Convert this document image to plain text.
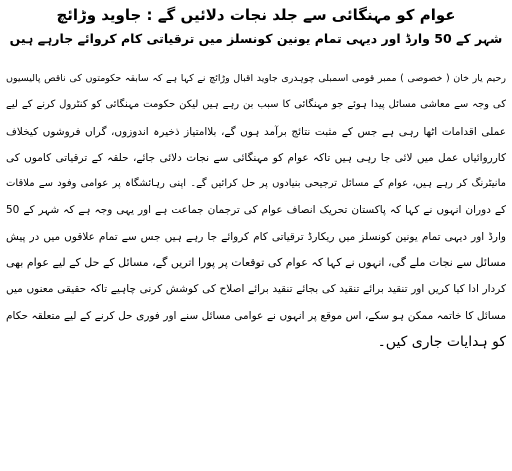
عوام کو مہنگائی سے جلد نجات دلائیں گے : جاوید وڑائچ
شہر کے 50 وارڈ اور دیہی تمام یونین کونسلز میں ترقیاتی کام کروائے جارہے ہیں
رحیم یار خان ( خصوصی ) ممبر قومی اسمبلی چوہدری جاوید اقبال وڑائچ نے کہا ہے کہ سابقہ حکومتوں کی ناقص پالیسیوں
کی وجہ سے معاشی مسائل پیدا ہوئے جو مہنگائی کا سبب بن رہے ہیں لیکن حکومت مہنگائی کو کنٹرول کرنے کے لیے
عملی اقدامات اٹھا رہی ہے جس کے مثبت نتائج برآمد ہوں گے، بلاامتیاز ذخیرہ اندوزوں، گراں فروشوں کیخلاف
کارروائیاں عمل میں لائی جا رہی ہیں تاکہ عوام کو مہنگائی سے نجات دلائی جائے، حلقہ کے ترقیاتی کاموں کی
مانیٹرنگ کر رہے ہیں، عوام کے مسائل ترجیحی بنیادوں پر حل کرائیں گے۔ اپنی رہائشگاہ پر عوامی وفود سے ملاقات
کے دوران انہوں نے کہا کہ پاکستان تحریک انصاف عوام کی ترجمان جماعت ہے اور یہی وجہ ہے کہ شہر کے 50
وارڈ اور دیہی تمام یونین کونسلز میں ریکارڈ ترقیاتی کام کروائے جا رہے ہیں جس سے تمام علاقوں میں در پیش
مسائل سے نجات ملے گی، انہوں نے کہا کہ عوام کی توقعات پر پورا اتریں گے، مسائل کے حل کے لیے عوام بھی
کردار ادا کیا کریں اور تنقید برائے تنقید کی بجائے تنقید برائے اصلاح کی کوشش کرنی چاہیے تاکہ حقیقی معنوں میں
مسائل کا خاتمہ ممکن ہو سکے، اس موقع پر انہوں نے عوامی مسائل سنے اور فوری حل کرنے کے لیے متعلقہ حکام
کو ہدایات جاری کیں۔
